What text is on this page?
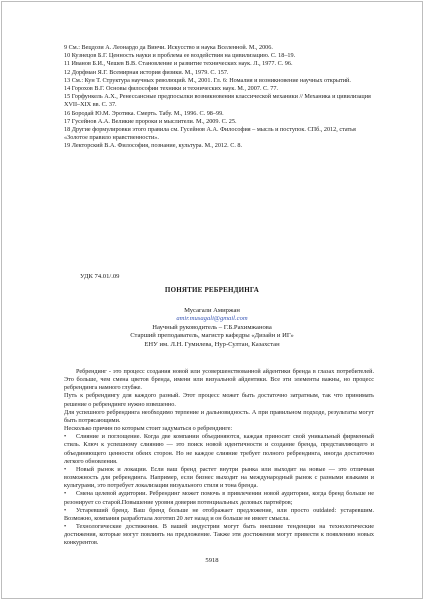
9 См.: Вецдози А. Леонардо да Винчи. Искусство и наука Вселенной. М., 2006.

10 Кузнецов Б.Г. Ценность науки и проблема ее воздействия на цивилизацию. С. 18–19.

11 Иванов Б.И., Чешев В.В. Становление и развитие технических наук. Л., 1977. С. 96.

12 Дорфман Я.Г. Всемирная история физики. М., 1979. С. 157.

13 См.: Кун Т. Структура научных революций. М., 2001. Гл. 6: Номалия и возникновение научных открытий.

14 Горохов В.Г. Основы философии техники и технических наук. М., 2007. С. 77.

15 Горфункель А.Х., Ренессансные предпосылки возникновения классической механики // Механика и цивилизация XVII–XIX вв. С. 37.

16 Бородай Ю.М. Эротика. Смерть. Табу. М., 1996. С. 98–99.

17 Гусейнов А.А. Великие пророки и мыслители. М., 2009. С. 25.

18 Другие формулировки этого правила см. Гусейнов А.А. Философия – мысль и поступок. СПб., 2012, статья «Золотое правило нравственности».

19 Лекторский В.А. Философия, познание, культура. М., 2012. С. 8.

УДК 74.01/.09
ПОНЯТИЕ РЕБРЕНДИНГА

Мусагали Амиржан

amir.musagali@gmail.com

Научный руководитель – Г.Б.Рахимжанова

Старший преподаватель, магистр кафедры «Дизайн и ИГ»

ЕНУ им. Л.Н. Гумилева, Нур-Султан, Казахстан

Ребрендинг - это процесс создания новой или усовершенствованной айдентики бренда в глазах потребителей. Это больше, чем смена цветов бренда, имени или визуальной айдентики. Все эти элементы важны, но процесс ребрендинга намного глубже.

Путь к ребрендингу для каждого разный. Этот процесс может быть достаточно затратным, так что принимать решение о ребрендинге нужно взвешенно.

Для успешного ребрендинга необходимо терпение и дальновидность. А при правильном подходе, результаты могут быть потрясающими.

Несколько причин по которым стоит задуматься о ребрендинге:

• Слияние и поглощение. Когда две компании объединяются, каждая приносит свой уникальный фирменный стиль. Ключ к успешному слиянию — это поиск новой идентичности и создание бренда, представляющего и объединяющего ценности обеих сторон. Но не каждое слияние требует полного ребрендинга, иногда достаточно легкого обновления.

• Новый рынок и локации. Если ваш бренд растет внутри рынка или выходит на новые — это отличная возможность для ребрендинга. Например, если бизнес выходит на международный рынок с разными языками и культурами, это потребует локализации визуального стиля и тона бренда.

• Смена целевой аудитории. Ребрендинг может помочь в привлечении новой аудитории, когда бренд больше не резонирует со старой.Повышение уровня доверия потенциальных деловых партнёров;

• Устаревший бренд. Ваш бренд больше не отображает предложение, или просто outdated: устаревшим. Возможно, компания разработала логотип 20 лет назад и он больше не имеет смысла.

• Технологические достижения. В вашей индустрии могут быть внешние тенденции на технологические достижения, которые могут повлиять на предложение. Также эти достижения могут привести к появлению новых конкурентов.

5918
